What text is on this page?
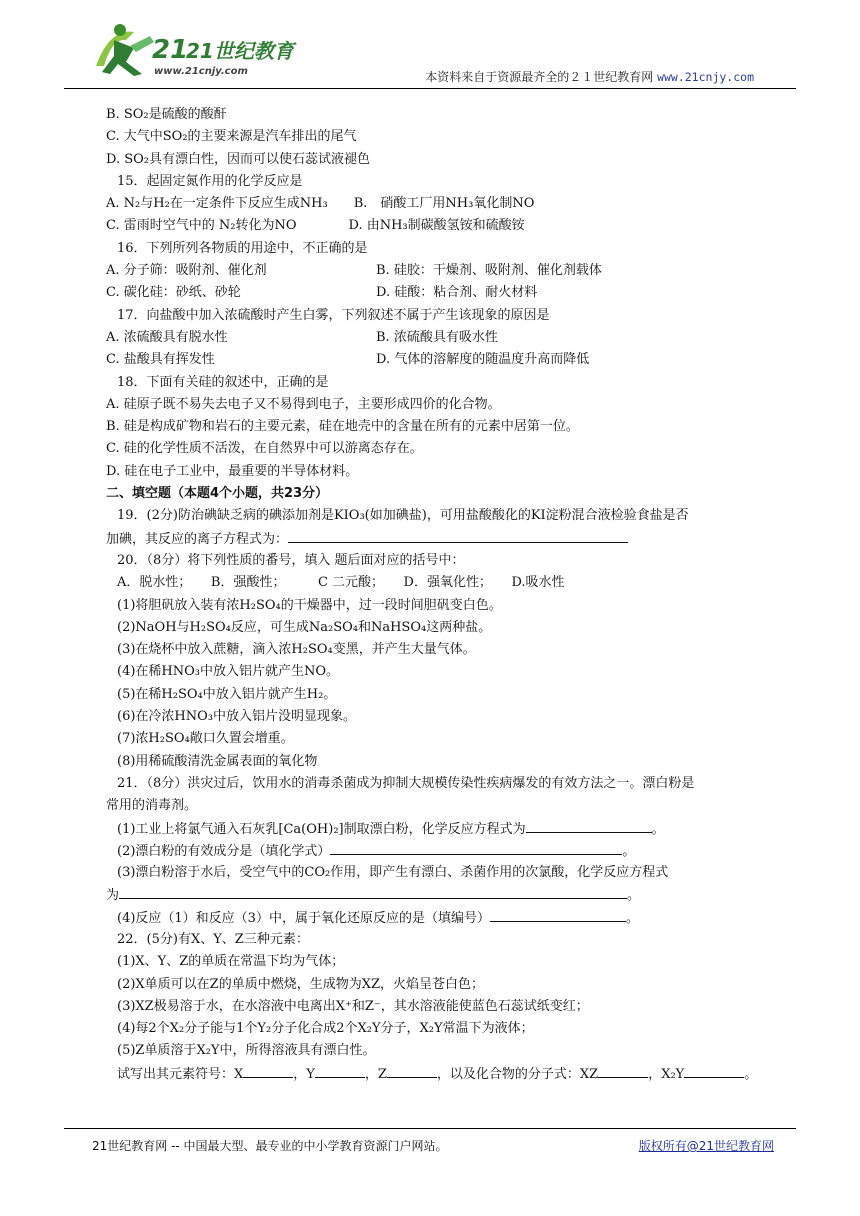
21
21世纪教育
www.21cnjy.com	本资料来自于资源最齐全的２１世纪教育网 www.21cnjy.com
B. SO₂是硫酸的酸酐
C. 大气中SO₂的主要来源是汽车排出的尾气
D. SO₂具有漂白性，因而可以使石蕊试液褪色
15．起固定氮作用的化学反应是
A. N₂与H₂在一定条件下反应生成NH₃　　B.　硝酸工厂用NH₃氧化制NO
C. 雷雨时空气中的 N₂转化为NO　　　　D. 由NH₃制碳酸氢铵和硫酸铵
16．下列所列各物质的用途中，不正确的是
A. 分子筛：吸附剂、催化剂	B. 硅胶：干燥剂、吸附剂、催化剂载体
C. 碳化硅：砂纸、砂轮	D. 硅酸：粘合剂、耐火材料
17．向盐酸中加入浓硫酸时产生白雾，下列叙述不属于产生该现象的原因是
A. 浓硫酸具有脱水性	B. 浓硫酸具有吸水性
C. 盐酸具有挥发性	D. 气体的溶解度的随温度升高而降低
18．下面有关硅的叙述中，正确的是
A. 硅原子既不易失去电子又不易得到电子，主要形成四价的化合物。
B. 硅是构成矿物和岩石的主要元素，硅在地壳中的含量在所有的元素中居第一位。
C. 硅的化学性质不活泼，在自然界中可以游离态存在。
D. 硅在电子工业中，最重要的半导体材料。
二、填空题（本题4个小题，共23分）
19．(2分)防治碘缺乏病的碘添加剂是KIO₃(如加碘盐)，可用盐酸酸化的KI淀粉混合液检验食盐是否
加碘，其反应的离子方程式为：
20．（8分）将下列性质的番号，填入 题后面对应的括号中：
A．脱水性；　　B．强酸性；　　　C 二元酸；　　D．强氧化性；　　D.吸水性
(1)将胆矾放入装有浓H₂SO₄的干燥器中，过一段时间胆矾变白色。
(2)NaOH与H₂SO₄反应，可生成Na₂SO₄和NaHSO₄这两种盐。
(3)在烧杯中放入蔗糖，滴入浓H₂SO₄变黑，并产生大量气体。
(4)在稀HNO₃中放入铝片就产生NO。
(5)在稀H₂SO₄中放入铝片就产生H₂。
(6)在冷浓HNO₃中放入铝片没明显现象。
(7)浓H₂SO₄敞口久置会增重。
(8)用稀硫酸清洗金属表面的氧化物
21．（8分）洪灾过后，饮用水的消毒杀菌成为抑制大规模传染性疾病爆发的有效方法之一。漂白粉是
常用的消毒剂。
(1)工业上将氯气通入石灰乳[Ca(OH)₂]制取漂白粉，化学反应方程式为	。
(2)漂白粉的有效成分是（填化学式）	。
(3)漂白粉溶于水后，受空气中的CO₂作用，即产生有漂白、杀菌作用的次氯酸，化学反应方程式
为	。
(4)反应（1）和反应（3）中，属于氧化还原反应的是（填编号）	。
22．(5分)有X、Y、Z三种元素：
(1)X、Y、Z的单质在常温下均为气体；
(2)X单质可以在Z的单质中燃烧，生成物为XZ，火焰呈苍白色；
(3)XZ极易溶于水，在水溶液中电离出X⁺和Z⁻，其水溶液能使蓝色石蕊试纸变红；
(4)每2个X₂分子能与1个Y₂分子化合成2个X₂Y分子，X₂Y常温下为液体；
(5)Z单质溶于X₂Y中，所得溶液具有漂白性。
试写出其元素符号：X	，Y	，Z	，以及化合物的分子式：XZ	，X₂Y	。
21世纪教育网 -- 中国最大型、最专业的中小学教育资源门户网站。	版权所有@21世纪教育网
